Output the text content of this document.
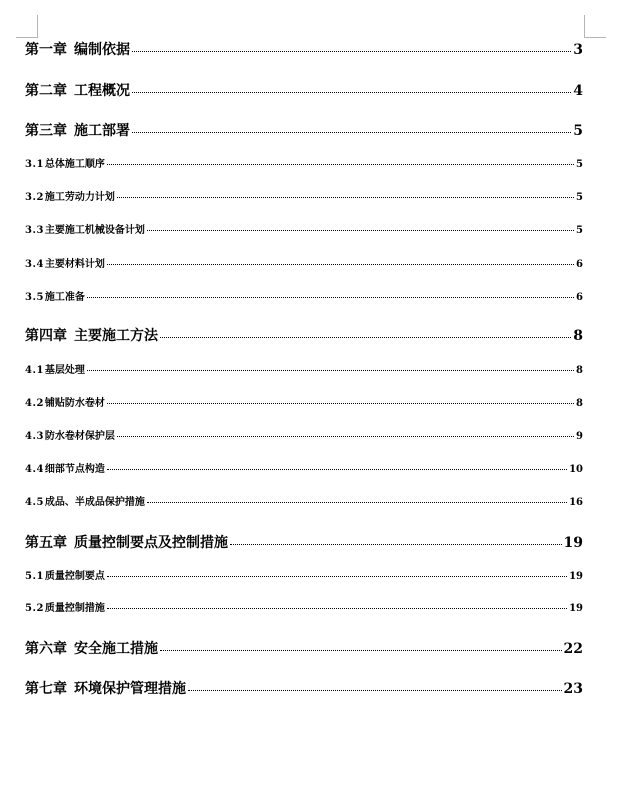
第一章 编制依据	3
第二章 工程概况	4
第三章 施工部署	5
3.1总体施工顺序	5
3.2施工劳动力计划	5
3.3主要施工机械设备计划	5
3.4主要材料计划	6
3.5施工准备	6
第四章 主要施工方法	8
4.1基层处理	8
4.2铺贴防水卷材	8
4.3防水卷材保护层	9
4.4细部节点构造	10
4.5成品、半成品保护措施	16
第五章 质量控制要点及控制措施	19
5.1质量控制要点	19
5.2质量控制措施	19
第六章 安全施工措施	22
第七章 环境保护管理措施	23
